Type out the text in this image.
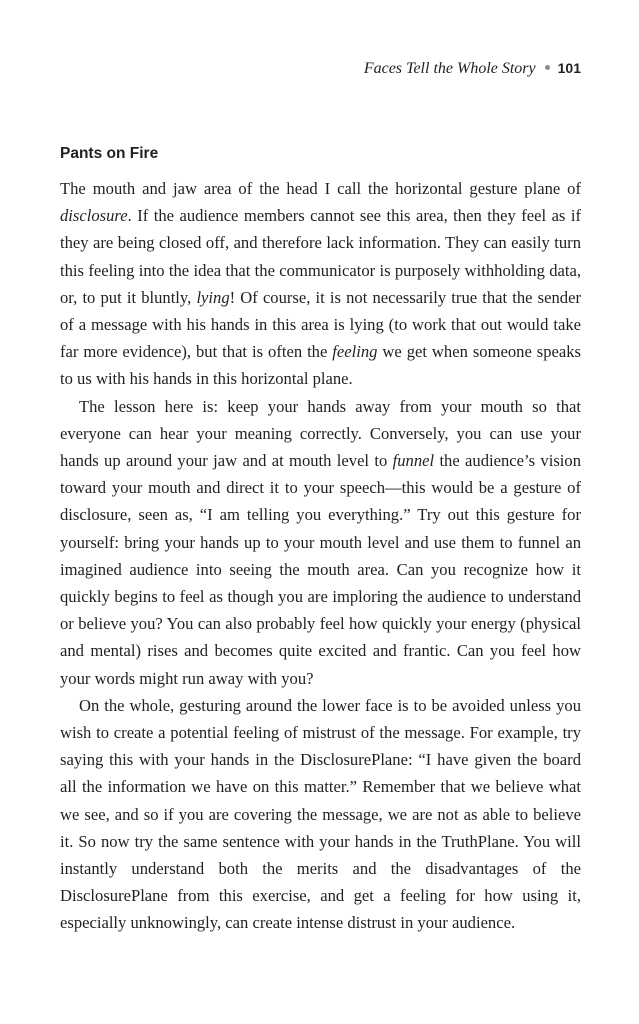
Faces Tell the Whole Story 101
Pants on Fire

The mouth and jaw area of the head I call the horizontal gesture plane of disclosure. If the audience members cannot see this area, then they feel as if they are being closed off, and therefore lack information. They can easily turn this feeling into the idea that the communicator is purposely withholding data, or, to put it bluntly, lying! Of course, it is not necessarily true that the sender of a message with his hands in this area is lying (to work that out would take far more evidence), but that is often the feeling we get when someone speaks to us with his hands in this horizontal plane.

The lesson here is: keep your hands away from your mouth so that everyone can hear your meaning correctly. Conversely, you can use your hands up around your jaw and at mouth level to funnel the audience’s vision toward your mouth and direct it to your speech—this would be a gesture of disclosure, seen as, “I am telling you everything.” Try out this gesture for yourself: bring your hands up to your mouth level and use them to funnel an imagined audience into seeing the mouth area. Can you recognize how it quickly begins to feel as though you are imploring the audience to understand or believe you? You can also probably feel how quickly your energy (physical and mental) rises and becomes quite excited and frantic. Can you feel how your words might run away with you?

On the whole, gesturing around the lower face is to be avoided unless you wish to create a potential feeling of mistrust of the message. For example, try saying this with your hands in the DisclosurePlane: “I have given the board all the information we have on this matter.” Remember that we believe what we see, and so if you are covering the message, we are not as able to believe it. So now try the same sentence with your hands in the TruthPlane. You will instantly understand both the merits and the disadvantages of the DisclosurePlane from this exercise, and get a feeling for how using it, especially unknowingly, can create intense distrust in your audience.
